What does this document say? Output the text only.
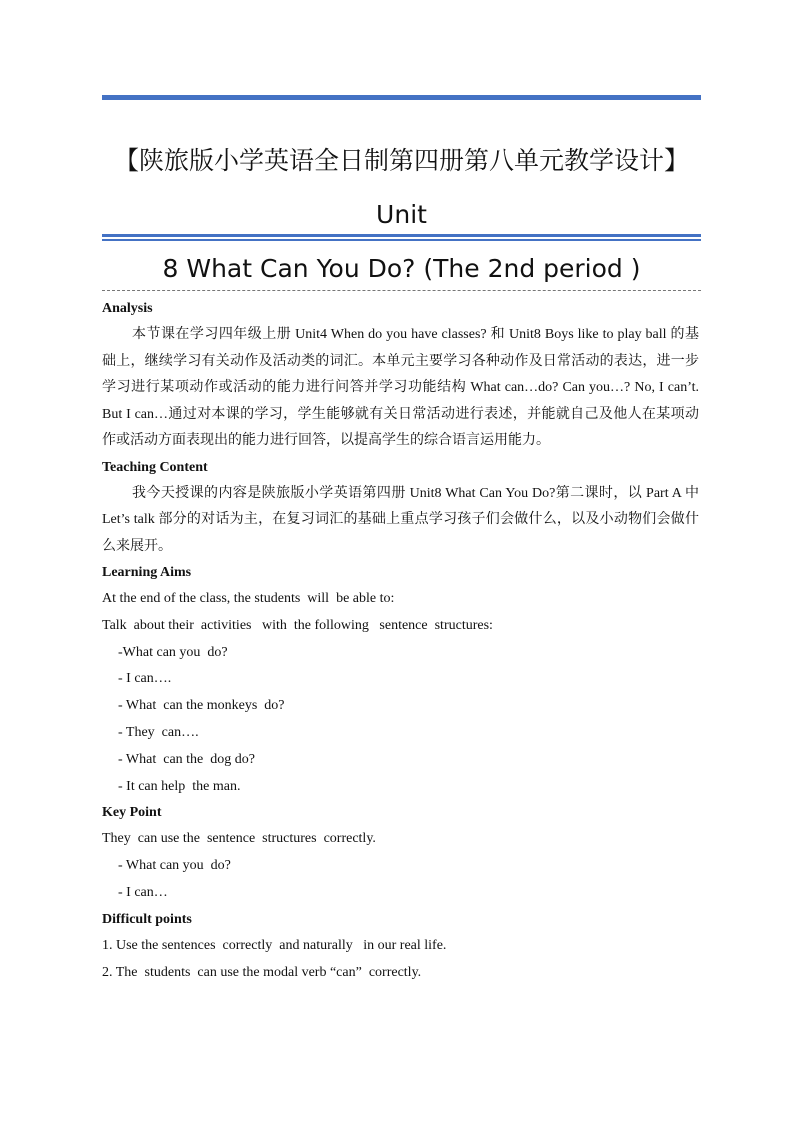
【陕旅版小学英语全日制第四册第八单元教学设计】Unit
8 What Can You Do? (The 2nd period )

Analysis

本节课在学习四年级上册 Unit4 When do you have classes? 和 Unit8 Boys like to play ball 的基础上，继续学习有关动作及活动类的词汇。本单元主要学习各种动作及日常活动的表达，进一步学习进行某项动作或活动的能力进行问答并学习功能结构 What can…do? Can you…? No, I can’t. But I can…通过对本课的学习，学生能够就有关日常活动进行表述，并能就自己及他人在某项动作或活动方面表现出的能力进行回答，以提高学生的综合语言运用能力。

Teaching Content

我今天授课的内容是陕旅版小学英语第四册 Unit8 What Can You Do?第二课时，以 Part A 中 Let’s talk 部分的对话为主，在复习词汇的基础上重点学习孩子们会做什么，以及小动物们会做什么来展开。

Learning Aims

At the end of the class, the students  will  be able to:

Talk  about their  activities   with  the following   sentence  structures:

-What can you  do?

- I can….

- What  can the monkeys  do?

- They  can….

- What  can the  dog do?

- It can help  the man.

Key Point

They  can use the  sentence  structures  correctly.

- What can you  do?

- I can…

Difficult points

1. Use the sentences  correctly  and naturally   in our real life.

2. The  students  can use the modal verb “can”  correctly.
